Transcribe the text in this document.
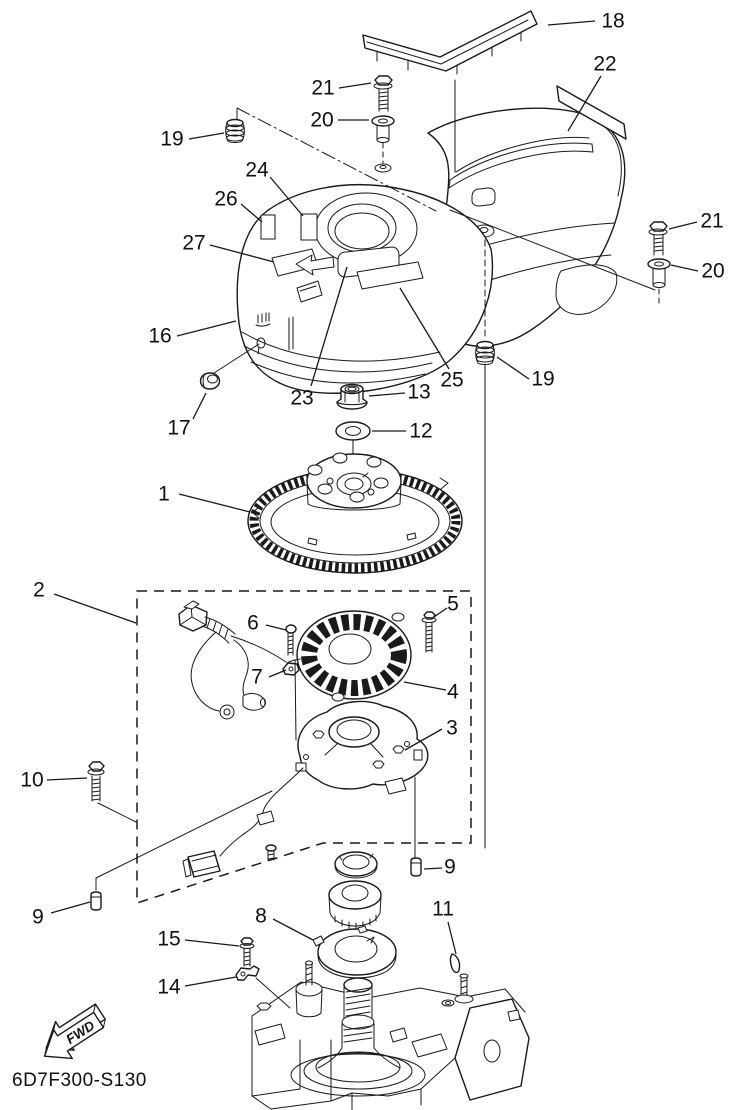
FWD
6D7F300-S130
18
22
21
20
19
24
26
27
21
20
16
19
25
23	13
12
17
1
2
5
6
7
4
3
10
9
9	8	11
15
14
